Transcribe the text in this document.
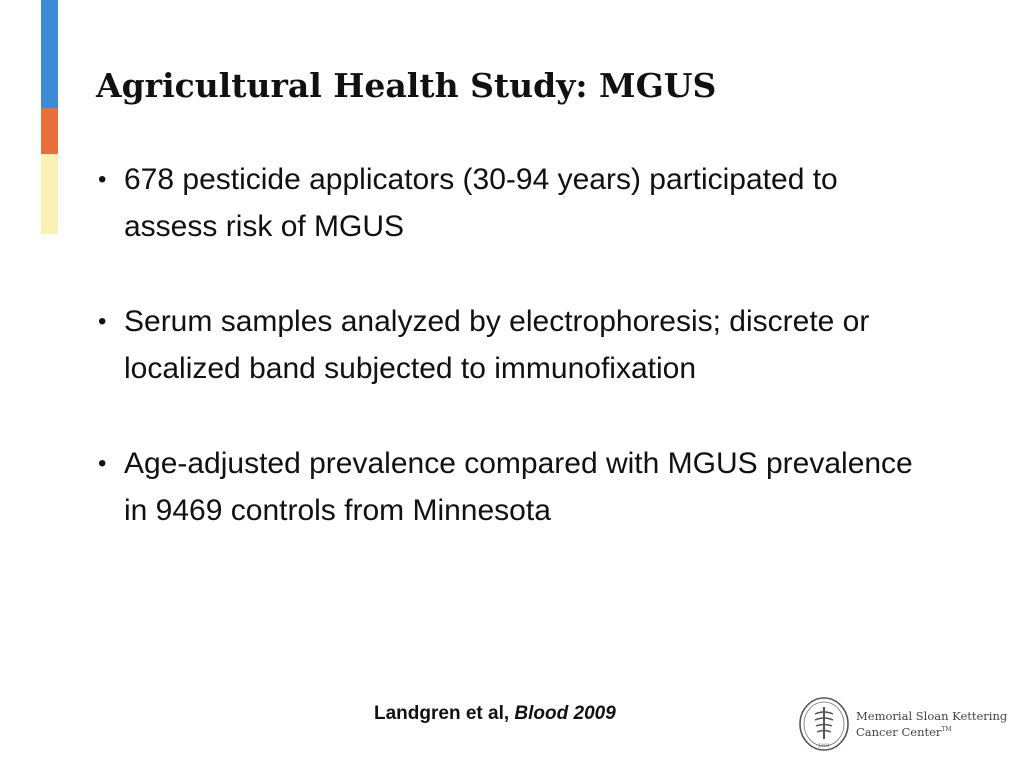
Agricultural Health Study: MGUS
• 678 pesticide applicators (30-94 years) participated to assess risk of MGUS
• Serum samples analyzed by electrophoresis; discrete or localized band subjected to immunofixation
• Age-adjusted prevalence compared with MGUS prevalence in 9469 controls from Minnesota
Landgren et al, Blood 2009
1884
Memorial Sloan Kettering
Cancer Center™
